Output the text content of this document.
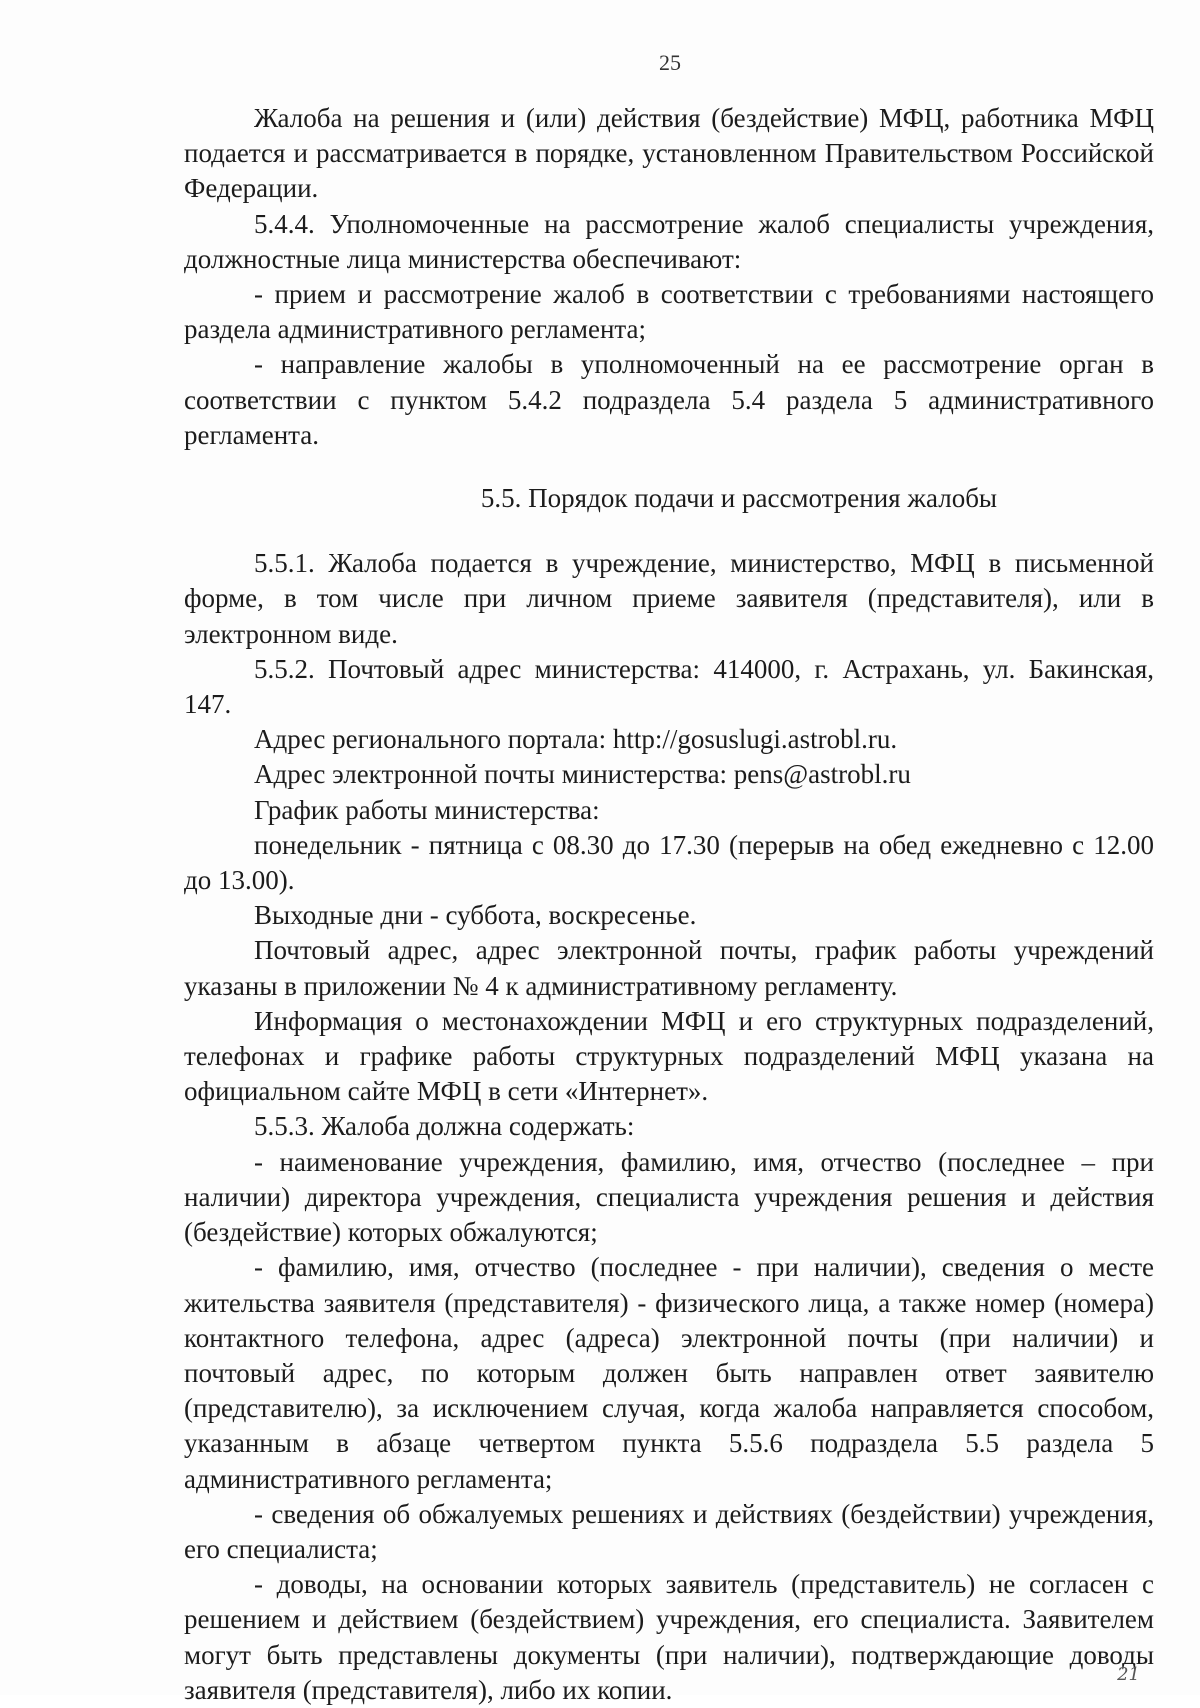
25

Жалоба на решения и (или) действия (бездействие) МФЦ, работника МФЦ подается и рассматривается в порядке, установленном Правительством Российской Федерации.

5.4.4. Уполномоченные на рассмотрение жалоб специалисты учреждения, должностные лица министерства обеспечивают:

- прием и рассмотрение жалоб в соответствии с требованиями настоящего раздела административного регламента;

- направление жалобы в уполномоченный на ее рассмотрение орган в соответствии с пунктом 5.4.2 подраздела 5.4 раздела 5 административного регламента.

5.5. Порядок подачи и рассмотрения жалобы

5.5.1. Жалоба подается в учреждение, министерство, МФЦ в письменной форме, в том числе при личном приеме заявителя (представителя), или в электронном виде.

5.5.2. Почтовый адрес министерства: 414000, г. Астрахань, ул. Бакинская, 147.

Адрес регионального портала: http://gosuslugi.astrobl.ru.

Адрес электронной почты министерства: pens@astrobl.ru

График работы министерства:

понедельник - пятница с 08.30 до 17.30 (перерыв на обед ежедневно с 12.00 до 13.00).

Выходные дни - суббота, воскресенье.

Почтовый адрес, адрес электронной почты, график работы учреждений указаны в приложении № 4 к административному регламенту.

Информация о местонахождении МФЦ и его структурных подразделений, телефонах и графике работы структурных подразделений МФЦ указана на официальном сайте МФЦ в сети «Интернет».

5.5.3. Жалоба должна содержать:

- наименование учреждения, фамилию, имя, отчество (последнее – при наличии) директора учреждения, специалиста учреждения решения и действия (бездействие) которых обжалуются;

- фамилию, имя, отчество (последнее - при наличии), сведения о месте жительства заявителя (представителя) - физического лица, а также номер (номера) контактного телефона, адрес (адреса) электронной почты (при наличии) и почтовый адрес, по которым должен быть направлен ответ заявителю (представителю), за исключением случая, когда жалоба направляется способом, указанным в абзаце четвертом пункта 5.5.6 подраздела 5.5 раздела 5 административного регламента;

- сведения об обжалуемых решениях и действиях (бездействии) учреждения, его специалиста;

- доводы, на основании которых заявитель (представитель) не согласен с решением и действием (бездействием) учреждения, его специалиста. Заявителем могут быть представлены документы (при наличии), подтверждающие доводы заявителя (представителя), либо их копии.

21
